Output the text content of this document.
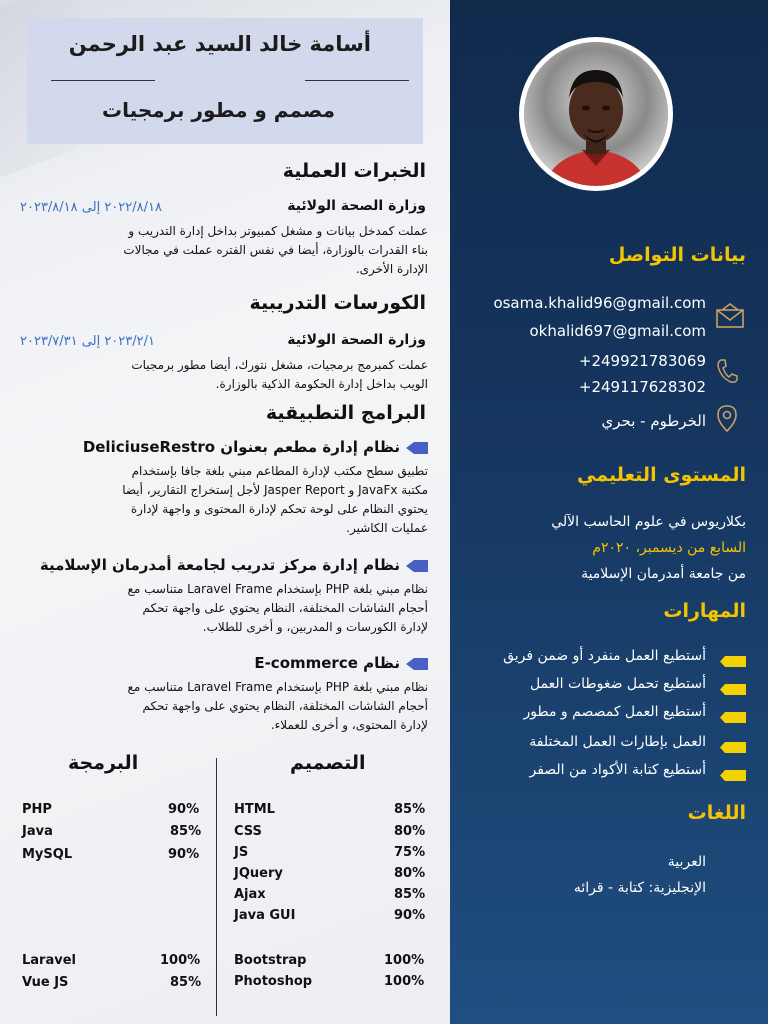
أسامة خالد السيد عبد الرحمن
مصمم و مطور برمجيات
الخبرات العملية
وزارة الصحة الولائية
٢٠٢٢/٨/١٨ إلى ٢٠٢٣/٨/١٨
عملت كمدخل بيانات و مشغل كمبيوتر بداخل إدارة التدريب و
بناء القدرات بالوزارة، أيضا في نفس الفتره عملت في مجالات
الإدارة الأخرى.
الكورسات التدريبية
وزارة الصحة الولائية
٢٠٢٣/٢/١ إلى ٢٠٢٣/٧/٣١
عملت كمبرمج برمجيات، مشغل نتورك، أيضا مطور برمجيات
الويب بداخل إدارة الحكومة الذكية بالوزارة.
البرامج التطبيقية
نظام إدارة مطعم بعنوان DeliciuseRestro
تطبيق سطح مكتب لإدارة المطاعم مبني بلغة جافا بإستخدام
مكتبة JavaFx و Jasper Report لأجل إستخراج التقارير، أيضا
يحتوي النظام على لوحة تحكم لإدارة المحتوى و واجهة لإدارة
عمليات الكاشير.
نظام إدارة مركز تدريب لجامعة أمدرمان الإسلامية
نظام مبني بلغة PHP بإستخدام Laravel Frame متناسب مع
أحجام الشاشات المختلفة، النظام يحتوي على واجهة تحكم
لإدارة الكورسات و المدربين، و أخرى للطلاب.
نظام E-commerce
نظام مبني بلغة PHP بإستخدام Laravel Frame متناسب مع
أحجام الشاشات المختلفة، النظام يحتوي على واجهة تحكم
لإدارة المحتوى، و أخرى للعملاء.
البرمجة	التصميم
PHP	90%
Java	85%
MySQL	90%
Laravel	100%
Vue JS	85%
HTML	85%
CSS	80%
JS	75%
JQuery	80%
Ajax	85%
Java GUI	90%
Bootstrap	100%
Photoshop	100%
بيانات التواصل
osama.khalid96@gmail.com
okhalid697@gmail.com
+249921783069
+249117628302
الخرطوم - بحري
المستوى التعليمي
بكلاريوس في علوم الحاسب الآلي
السابع من ديسمبر، ٢٠٢٠م
من جامعة أمدرمان الإسلامية
المهارات
أستطيع العمل منفرد أو ضمن فريق
أستطيع تحمل ضغوطات العمل
أستطيع العمل كمصصم و مطور
العمل بإطارات العمل المختلفة
أستطيع كتابة الأكواد من الصفر
اللغات
العربية
الإنجليزية: كتابة - قرائه
